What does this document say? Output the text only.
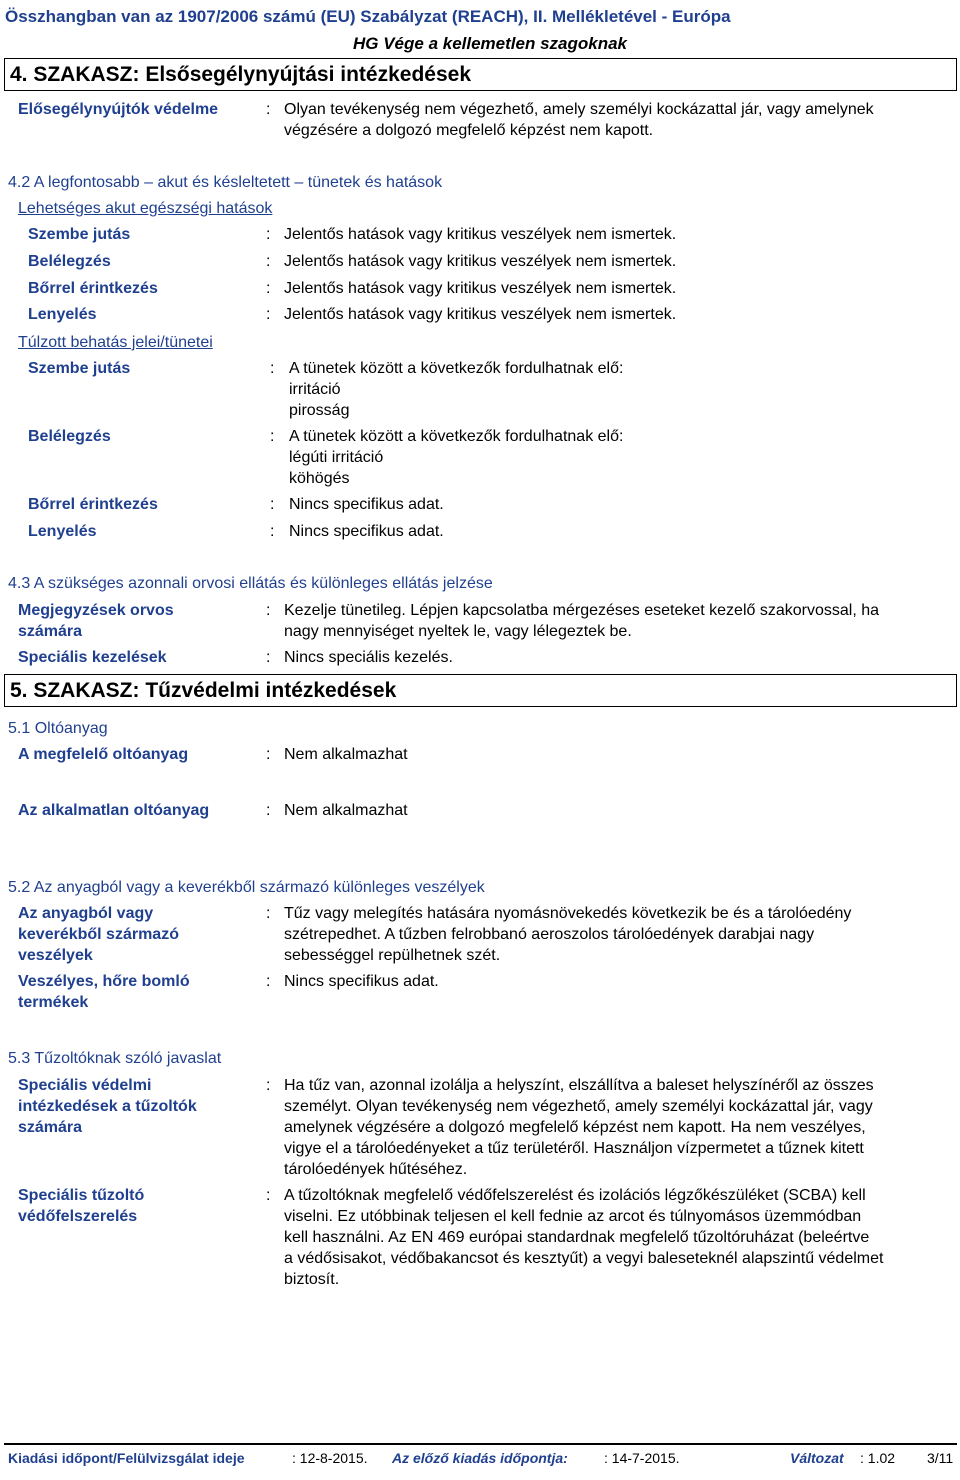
Összhangban van az 1907/2006 számú (EU) Szabályzat (REACH), II. Mellékletével - Európa
HG Vége a kellemetlen szagoknak
4. SZAKASZ: Elsősegélynyújtási intézkedések
Elősegélynyújtók védelme	: Olyan tevékenység nem végezhető, amely személyi kockázattal jár, vagy amelynek
végzésére a dolgozó megfelelő képzést nem kapott.
4.2 A legfontosabb – akut és késleltetett – tünetek és hatások
Lehetséges akut egészségi hatások
Szembe jutás	: Jelentős hatások vagy kritikus veszélyek nem ismertek.
Belélegzés	: Jelentős hatások vagy kritikus veszélyek nem ismertek.
Bőrrel érintkezés	: Jelentős hatások vagy kritikus veszélyek nem ismertek.
Lenyelés	: Jelentős hatások vagy kritikus veszélyek nem ismertek.
Túlzott behatás jelei/tünetei
Szembe jutás	: A tünetek között a következők fordulhatnak elő:
irritáció
pirosság
Belélegzés	: A tünetek között a következők fordulhatnak elő:
légúti irritáció
köhögés
Bőrrel érintkezés	: Nincs specifikus adat.
Lenyelés	: Nincs specifikus adat.
4.3 A szükséges azonnali orvosi ellátás és különleges ellátás jelzése
Megjegyzések orvos
számára
: Kezelje tünetileg. Lépjen kapcsolatba mérgezéses eseteket kezelő szakorvossal, ha
nagy mennyiséget nyeltek le, vagy lélegeztek be.
Speciális kezelések	: Nincs speciális kezelés.
5. SZAKASZ: Tűzvédelmi intézkedések
5.1 Oltóanyag
A megfelelő oltóanyag	: Nem alkalmazhat
Az alkalmatlan oltóanyag	: Nem alkalmazhat
5.2 Az anyagból vagy a keverékből származó különleges veszélyek
Az anyagból vagy
keverékből származó
veszélyek
: Tűz vagy melegítés hatására nyomásnövekedés következik be és a tárolóedény
szétrepedhet. A tűzben felrobbanó aeroszolos tárolóedények darabjai nagy
sebességgel repülhetnek szét.
Veszélyes, hőre bomló
termékek
: Nincs specifikus adat.
5.3 Tűzoltóknak szóló javaslat
Speciális védelmi
intézkedések a tűzoltók
számára
: Ha tűz van, azonnal izolálja a helyszínt, elszállítva a baleset helyszínéről az összes
személyt. Olyan tevékenység nem végezhető, amely személyi kockázattal jár, vagy
amelynek végzésére a dolgozó megfelelő képzést nem kapott. Ha nem veszélyes,
vigye el a tárolóedényeket a tűz területéről. Használjon vízpermetet a tűznek kitett
tárolóedények hűtéséhez.
Speciális tűzoltó
védőfelszerelés
: A tűzoltóknak megfelelő védőfelszerelést és izolációs légzőkészüléket (SCBA) kell
viselni. Ez utóbbinak teljesen el kell fednie az arcot és túlnyomásos üzemmódban
kell használni. Az EN 469 európai standardnak megfelelő tűzoltóruházat (beleértve
a védősisakot, védőbakancsot és kesztyűt) a vegyi baleseteknél alapszintű védelmet
biztosít.
Kiadási időpont/Felülvizsgálat ideje	: 12-8-2015. Az előző kiadás időpontja:	: 14-7-2015.	Változat : 1.02 3/11
